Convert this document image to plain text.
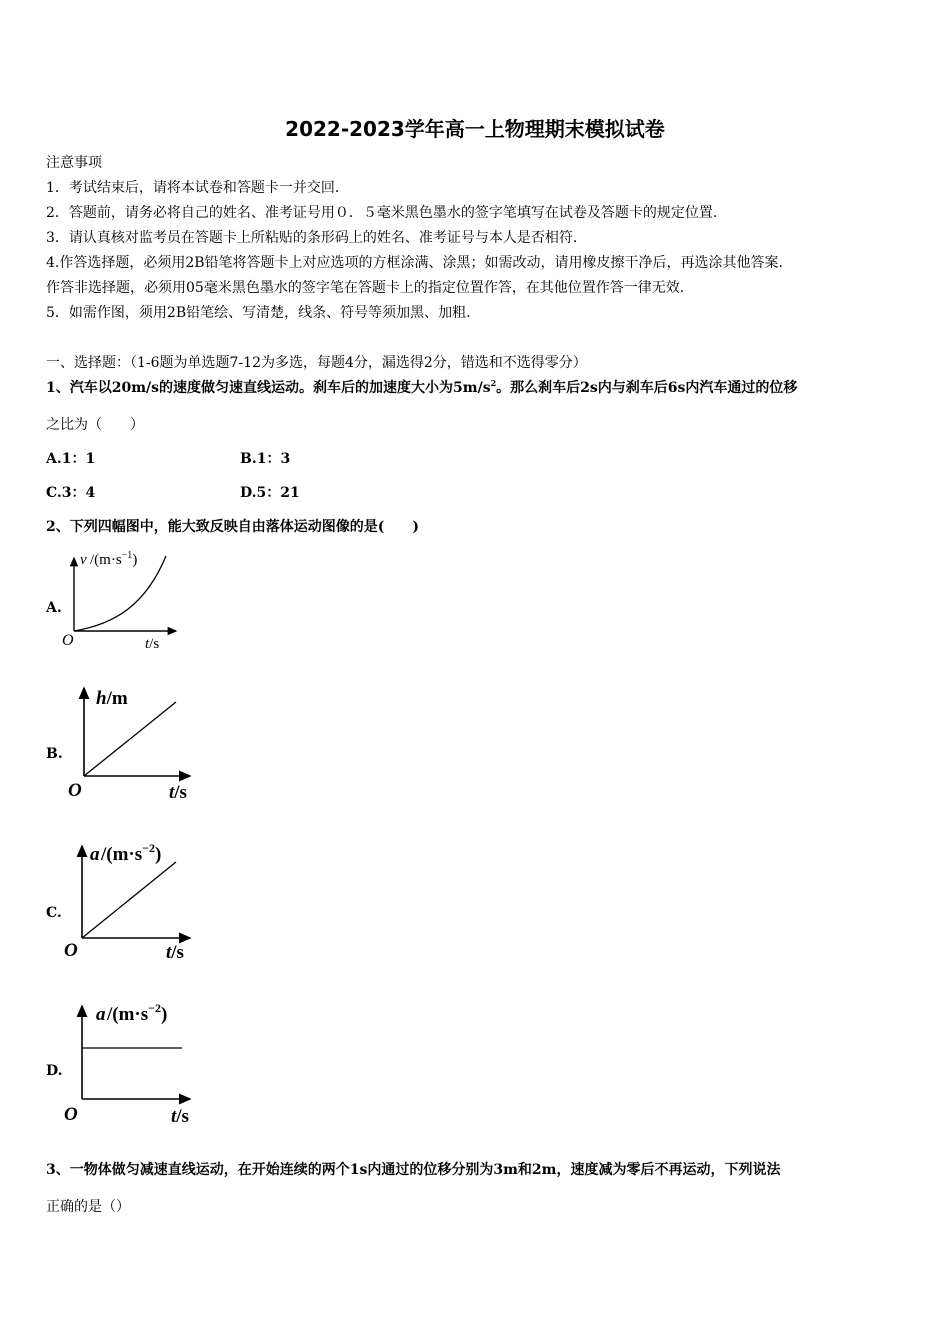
2022-2023学年高一上物理期末模拟试卷
注意事项
1．考试结束后，请将本试卷和答题卡一并交回．
2．答题前，请务必将自己的姓名、准考证号用０．５毫米黑色墨水的签字笔填写在试卷及答题卡的规定位置．
3．请认真核对监考员在答题卡上所粘贴的条形码上的姓名、准考证号与本人是否相符．
4.作答选择题，必须用2B铅笔将答题卡上对应选项的方框涂满、涂黑；如需改动，请用橡皮擦干净后，再选涂其他答案．
作答非选择题，必须用05毫米黑色墨水的签字笔在答题卡上的指定位置作答，在其他位置作答一律无效．
5．如需作图，须用2B铅笔绘、写清楚，线条、符号等须加黑、加粗．
一、选择题：（1-6题为单选题7-12为多选，每题4分，漏选得2分，错选和不选得零分）
1、汽车以20m/s的速度做匀速直线运动。刹车后的加速度大小为$5m/s^2$。那么刹车后2s内与刹车后6s内汽车通过的位移
之比为（　　）
A.1：1	B.1：3
C.3：4	D.5：21
2、下列四幅图中，能大致反映自由落体运动图像的是(　　)
A.
v $/(m\cdot s^{-1})$
O	t/s
B.
h/m
O	t/s
C.
a $/(m\cdot s^{-2})$
O	t/s
D.
a $/(m\cdot s^{-2})$
O	t/s
3、一物体做匀减速直线运动，在开始连续的两个1s内通过的位移分别为3m和2m，速度减为零后不再运动，下列说法
正确的是（）
